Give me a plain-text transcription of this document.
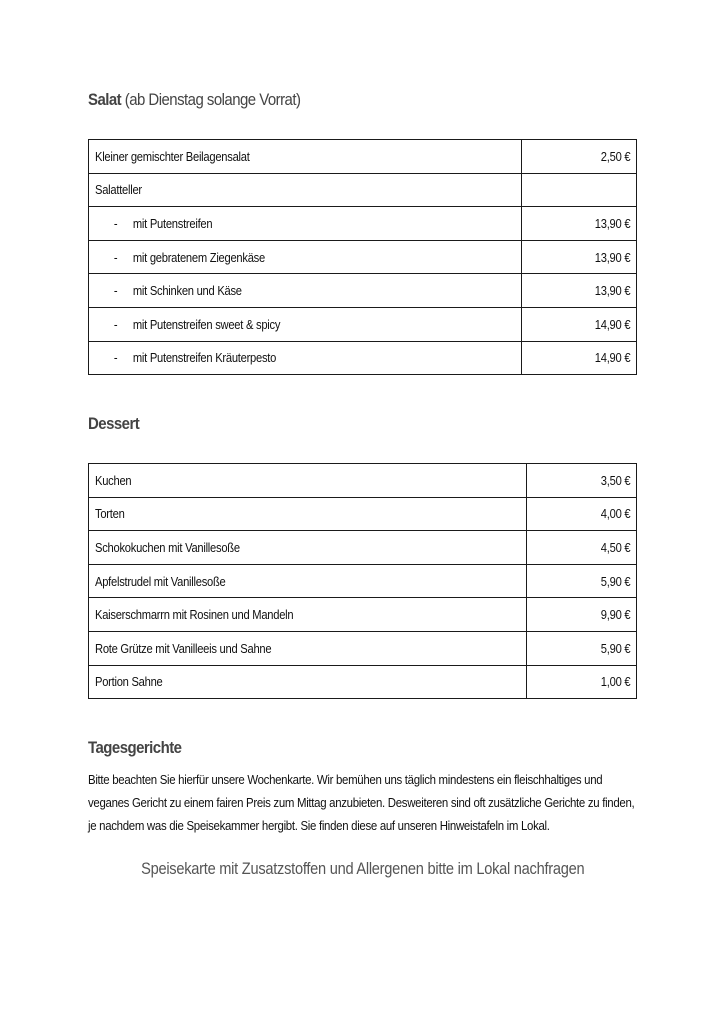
Salat (ab Dienstag solange Vorrat)
Kleiner gemischter Beilagensalat	2,50 €
Salatteller	
- mit Putenstreifen	13,90 €
- mit gebratenem Ziegenkäse	13,90 €
- mit Schinken und Käse	13,90 €
- mit Putenstreifen sweet & spicy	14,90 €
- mit Putenstreifen Kräuterpesto	14,90 €
Dessert
Kuchen	3,50 €
Torten	4,00 €
Schokokuchen mit Vanillesoße	4,50 €
Apfelstrudel mit Vanillesoße	5,90 €
Kaiserschmarrn mit Rosinen und Mandeln	9,90 €
Rote Grütze mit Vanilleeis und Sahne	5,90 €
Portion Sahne	1,00 €
Tagesgerichte
Bitte beachten Sie hierfür unsere Wochenkarte. Wir bemühen uns täglich mindestens ein fleischhaltiges und
veganes Gericht zu einem fairen Preis zum Mittag anzubieten. Desweiteren sind oft zusätzliche Gerichte zu finden,
je nachdem was die Speisekammer hergibt. Sie finden diese auf unseren Hinweistafeln im Lokal.
Speisekarte mit Zusatzstoffen und Allergenen bitte im Lokal nachfragen
